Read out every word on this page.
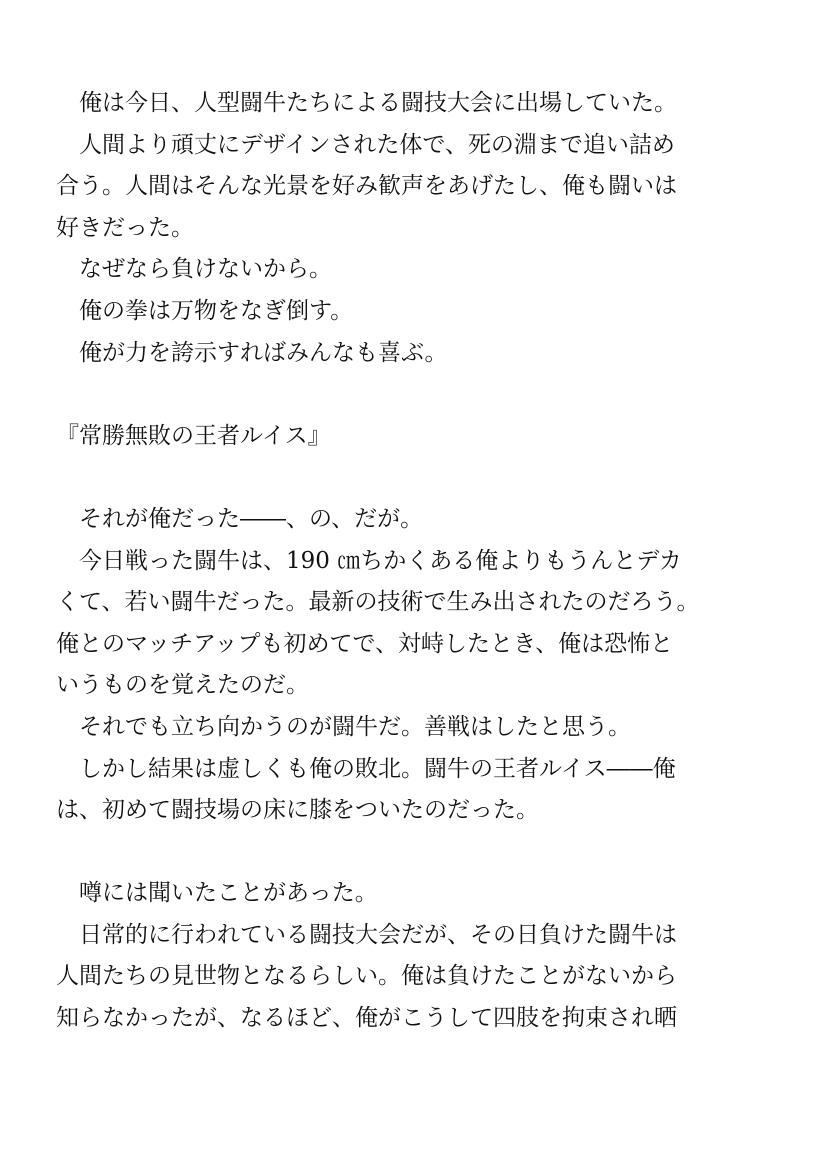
　俺は今日、人型闘牛たちによる闘技大会に出場していた。
　人間より頑丈にデザインされた体で、死の淵まで追い詰め
合う。人間はそんな光景を好み歓声をあげたし、俺も闘いは
好きだった。
　なぜなら負けないから。
　俺の拳は万物をなぎ倒す。
　俺が力を誇示すればみんなも喜ぶ。
『常勝無敗の王者ルイス』
　それが俺だった――、の、だが。
　今日戦った闘牛は、190 ㎝ちかくある俺よりもうんとデカ
くて、若い闘牛だった。最新の技術で生み出されたのだろう。
俺とのマッチアップも初めてで、対峙したとき、俺は恐怖と
いうものを覚えたのだ。
　それでも立ち向かうのが闘牛だ。善戦はしたと思う。
　しかし結果は虚しくも俺の敗北。闘牛の王者ルイス――俺
は、初めて闘技場の床に膝をついたのだった。
　噂には聞いたことがあった。
　日常的に行われている闘技大会だが、その日負けた闘牛は
人間たちの見世物となるらしい。俺は負けたことがないから
知らなかったが、なるほど、俺がこうして四肢を拘束され晒
